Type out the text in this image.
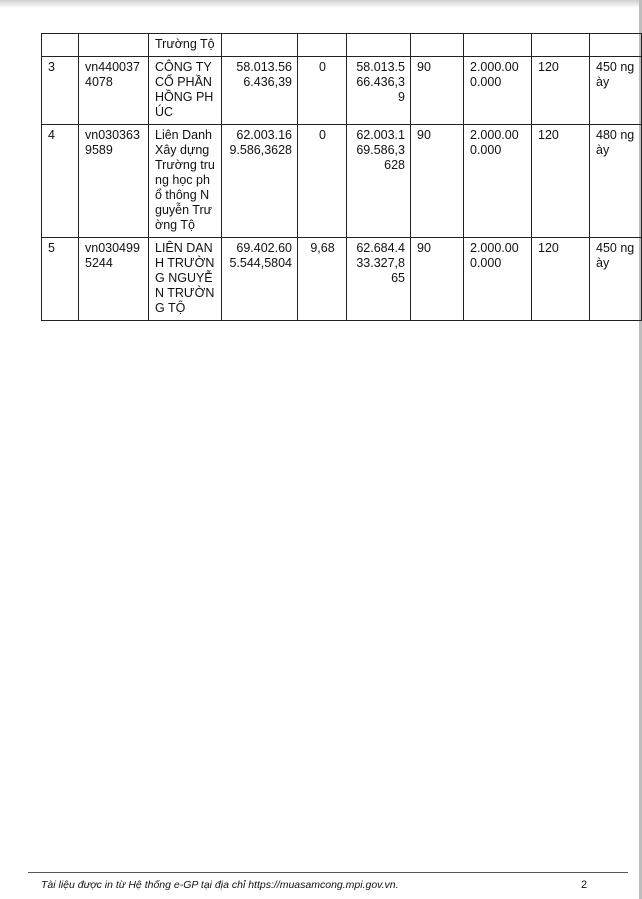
		Trường Tộ							
3	vn4400374078	CÔNG TY CỔ PHẦN HỒNG PHÚC	58.013.566.436,39	0	58.013.566.436,39	90	2.000.000.000	120	450 ngày
4	vn0303639589	Liên Danh Xây dựng Trường trung học phổ thông Nguyễn Trường Tộ	62.003.169.586,3628	0	62.003.169.586,3628	90	2.000.000.000	120	480 ngày
5	vn0304995244	LIÊN DANH TRƯỜNG NGUYỄN TRƯỜNG TỘ	69.402.605.544,5804	9,68	62.684.433.327,865	90	2.000.000.000	120	450 ngày
Tài liệu được in từ Hệ thống e-GP tại địa chỉ https://muasamcong.mpi.gov.vn.	2
